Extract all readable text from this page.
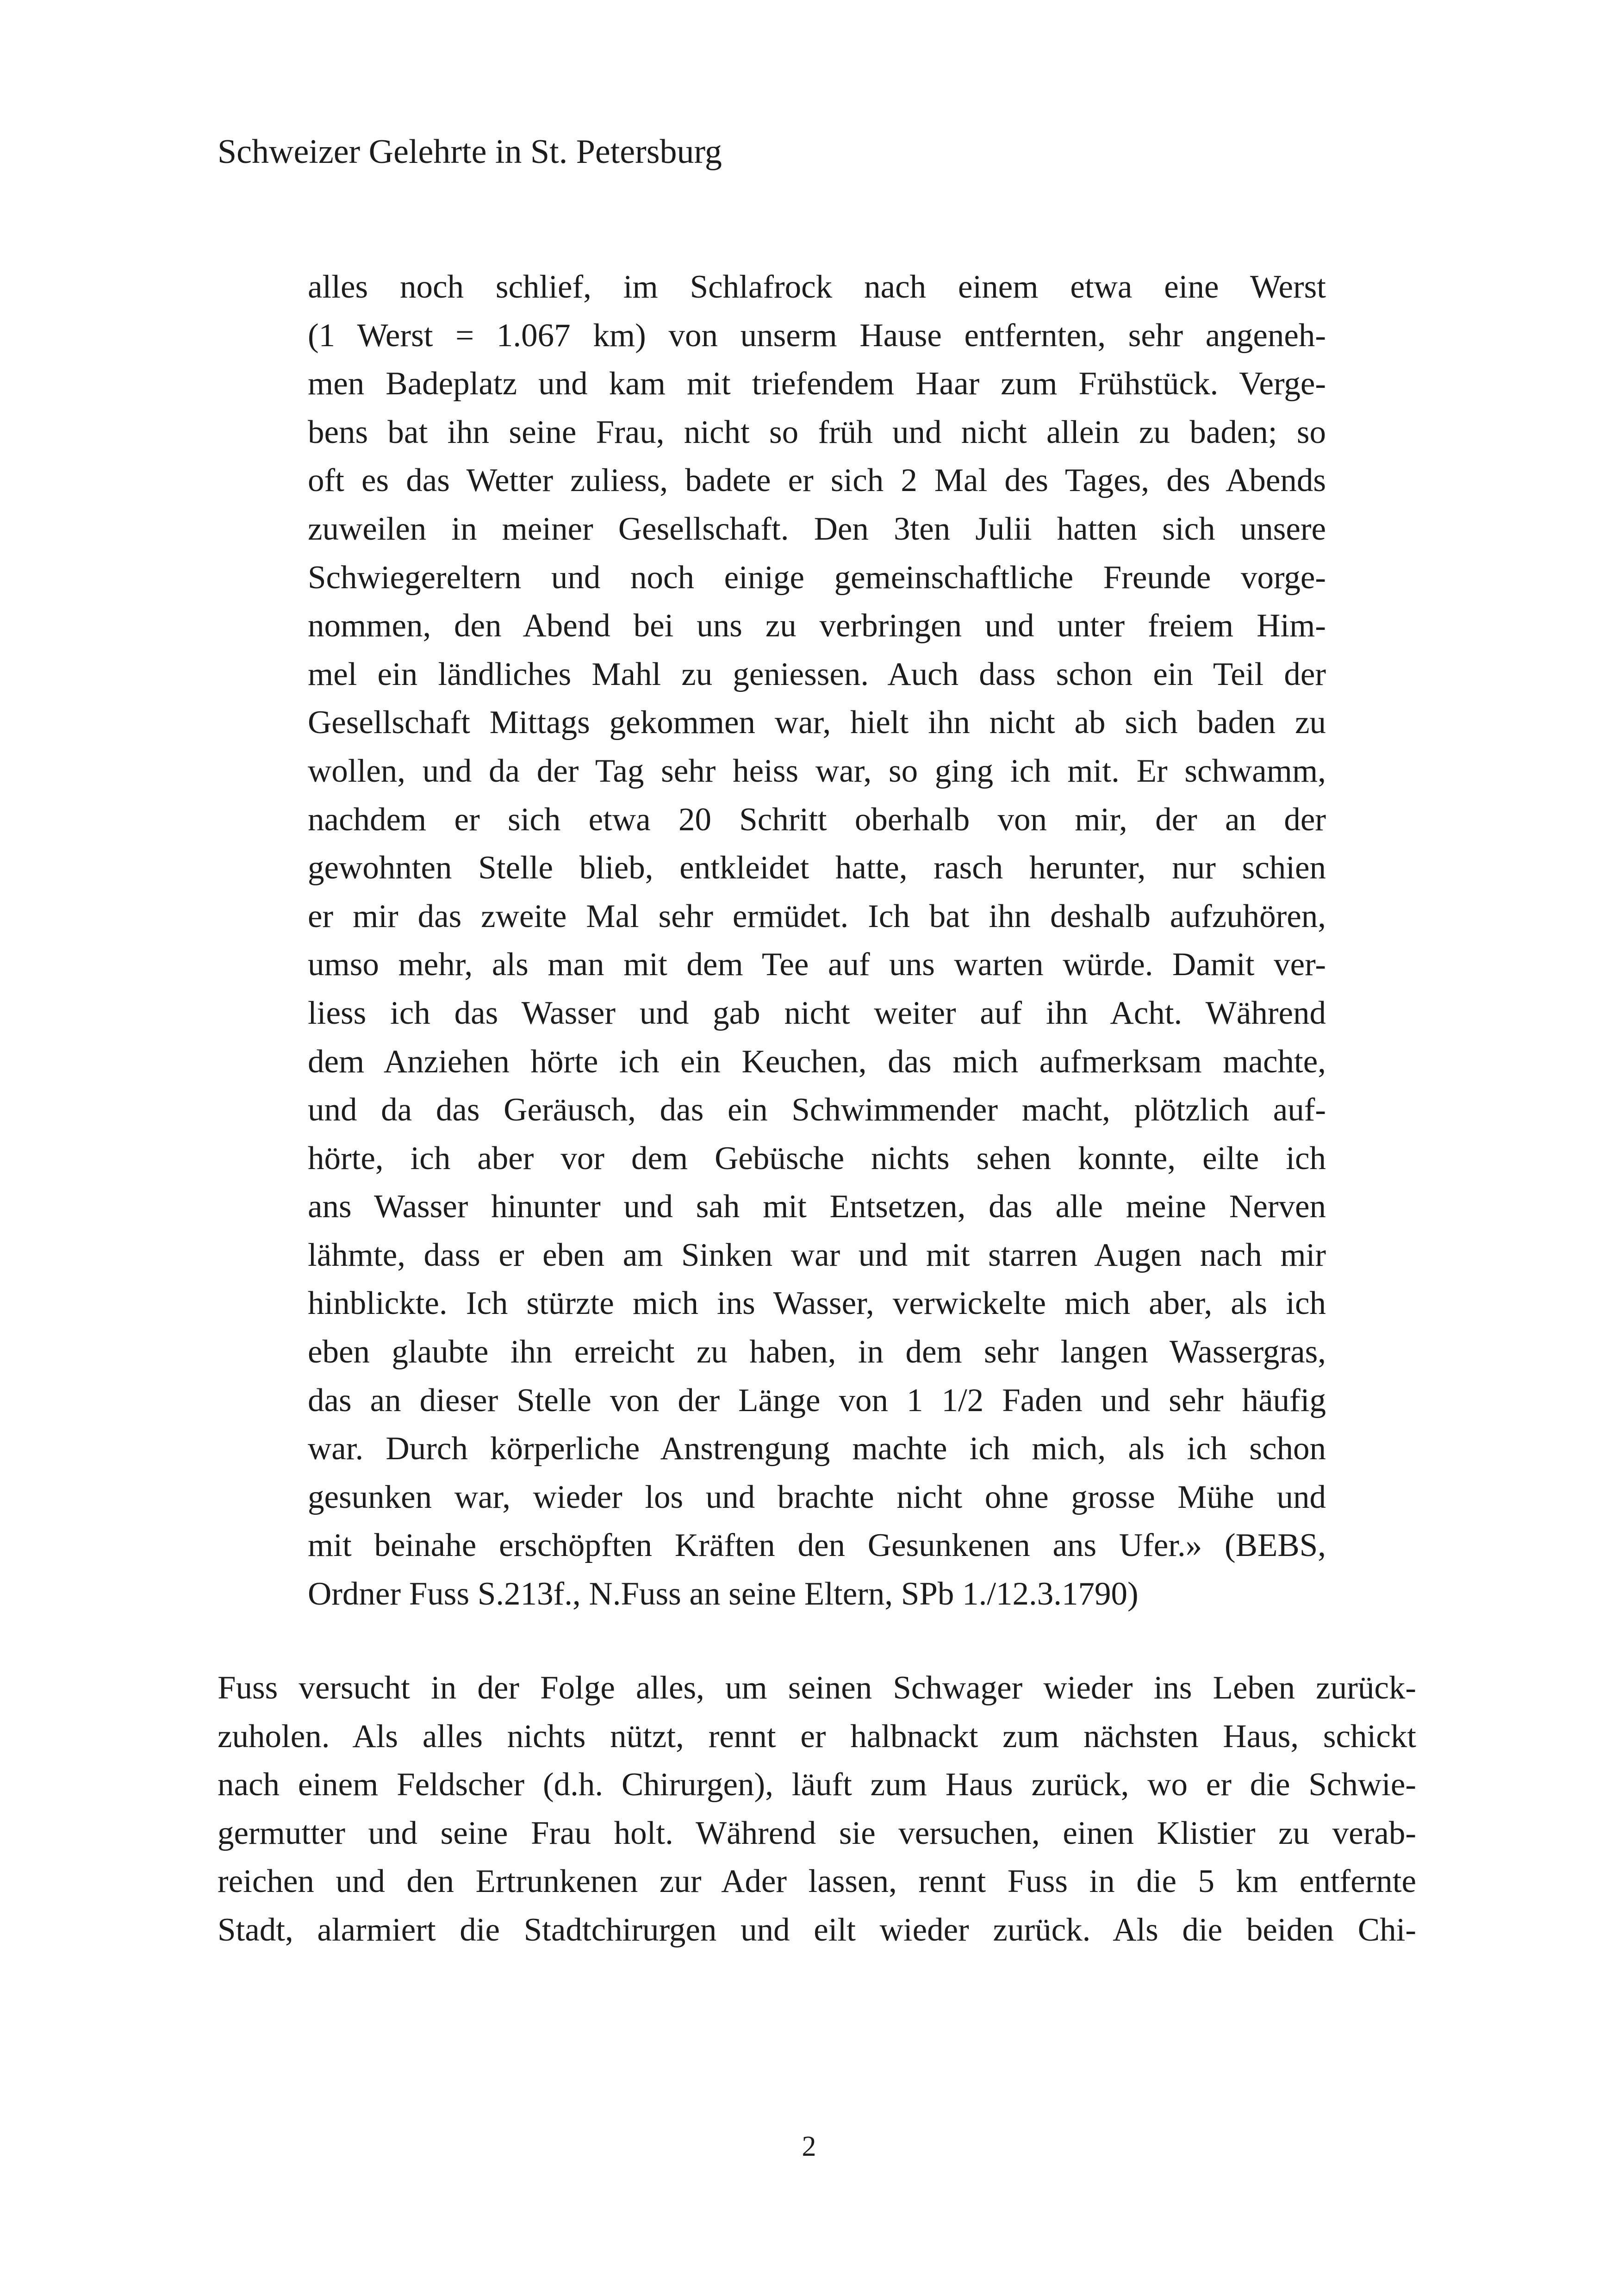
Schweizer Gelehrte in St. Petersburg
alles noch schlief, im Schlafrock nach einem etwa eine Werst
(1 Werst = 1.067 km) von unserm Hause entfernten, sehr angeneh-
men Badeplatz und kam mit triefendem Haar zum Frühstück. Verge-
bens bat ihn seine Frau, nicht so früh und nicht allein zu baden; so
oft es das Wetter zuliess, badete er sich 2 Mal des Tages, des Abends
zuweilen in meiner Gesellschaft. Den 3ten Julii hatten sich unsere
Schwiegereltern und noch einige gemeinschaftliche Freunde vorge-
nommen, den Abend bei uns zu verbringen und unter freiem Him-
mel ein ländliches Mahl zu geniessen. Auch dass schon ein Teil der
Gesellschaft Mittags gekommen war, hielt ihn nicht ab sich baden zu
wollen, und da der Tag sehr heiss war, so ging ich mit. Er schwamm,
nachdem er sich etwa 20 Schritt oberhalb von mir, der an der
gewohnten Stelle blieb, entkleidet hatte, rasch herunter, nur schien
er mir das zweite Mal sehr ermüdet. Ich bat ihn deshalb aufzuhören,
umso mehr, als man mit dem Tee auf uns warten würde. Damit ver-
liess ich das Wasser und gab nicht weiter auf ihn Acht. Während
dem Anziehen hörte ich ein Keuchen, das mich aufmerksam machte,
und da das Geräusch, das ein Schwimmender macht, plötzlich auf-
hörte, ich aber vor dem Gebüsche nichts sehen konnte, eilte ich
ans Wasser hinunter und sah mit Entsetzen, das alle meine Nerven
lähmte, dass er eben am Sinken war und mit starren Augen nach mir
hinblickte. Ich stürzte mich ins Wasser, verwickelte mich aber, als ich
eben glaubte ihn erreicht zu haben, in dem sehr langen Wassergras,
das an dieser Stelle von der Länge von 1 1/2 Faden und sehr häufig
war. Durch körperliche Anstrengung machte ich mich, als ich schon
gesunken war, wieder los und brachte nicht ohne grosse Mühe und
mit beinahe erschöpften Kräften den Gesunkenen ans Ufer.» (BEBS,
Ordner Fuss S.213f., N.Fuss an seine Eltern, SPb 1./12.3.1790)
Fuss versucht in der Folge alles, um seinen Schwager wieder ins Leben zurück-
zuholen. Als alles nichts nützt, rennt er halbnackt zum nächsten Haus, schickt
nach einem Feldscher (d.h. Chirurgen), läuft zum Haus zurück, wo er die Schwie-
germutter und seine Frau holt. Während sie versuchen, einen Klistier zu verab-
reichen und den Ertrunkenen zur Ader lassen, rennt Fuss in die 5 km entfernte
Stadt, alarmiert die Stadtchirurgen und eilt wieder zurück. Als die beiden Chi-
2
